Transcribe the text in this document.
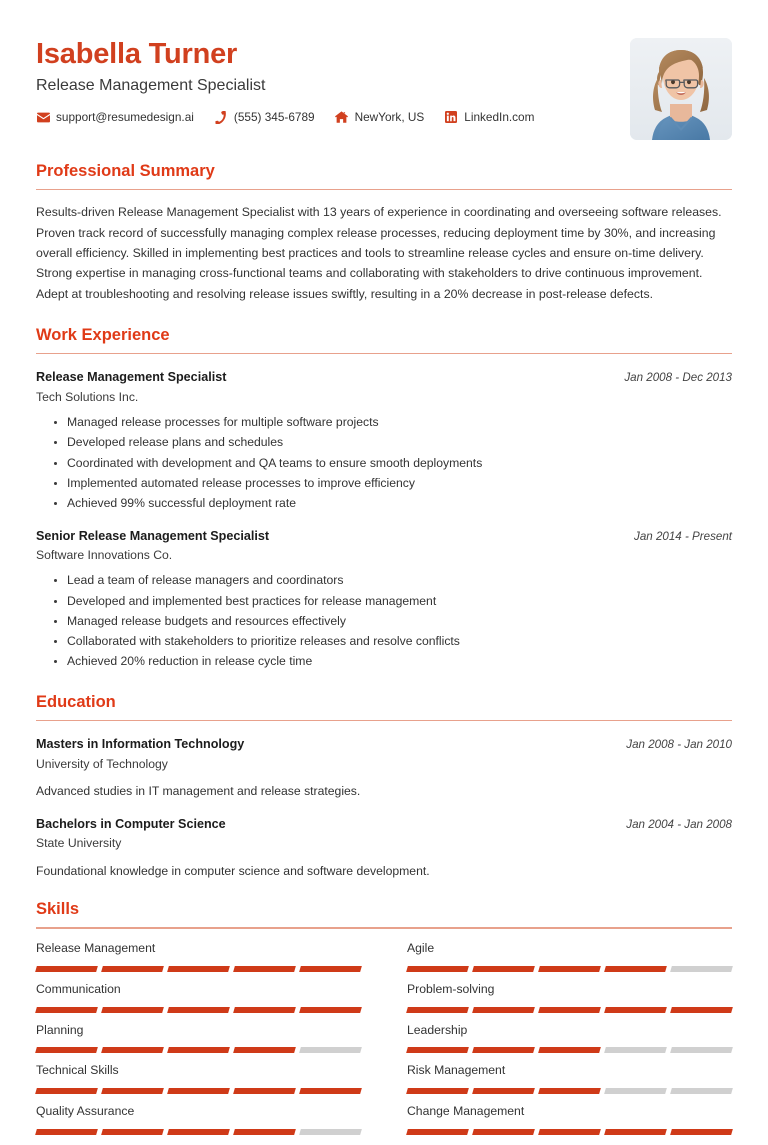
Isabella Turner
Release Management Specialist
support@resumedesign.ai	(555) 345-6789	NewYork, US	LinkedIn.com
Professional Summary

Results-driven Release Management Specialist with 13 years of experience in coordinating and overseeing software releases. Proven track record of successfully managing complex release processes, reducing deployment time by 30%, and increasing overall efficiency. Skilled in implementing best practices and tools to streamline release cycles and ensure on-time delivery. Strong expertise in managing cross-functional teams and collaborating with stakeholders to drive continuous improvement. Adept at troubleshooting and resolving release issues swiftly, resulting in a 20% decrease in post-release defects.

Work Experience
Release Management Specialist	Jan 2008 - Dec 2013
Tech Solutions Inc.
Managed release processes for multiple software projects
Developed release plans and schedules
Coordinated with development and QA teams to ensure smooth deployments
Implemented automated release processes to improve efficiency
Achieved 99% successful deployment rate
Senior Release Management Specialist	Jan 2014 - Present
Software Innovations Co.
Lead a team of release managers and coordinators
Developed and implemented best practices for release management
Managed release budgets and resources effectively
Collaborated with stakeholders to prioritize releases and resolve conflicts
Achieved 20% reduction in release cycle time
Education
Masters in Information Technology	Jan 2008 - Jan 2010
University of Technology
Advanced studies in IT management and release strategies.
Bachelors in Computer Science	Jan 2004 - Jan 2008
State University
Foundational knowledge in computer science and software development.
Skills
Release Management	Agile
Communication	Problem-solving
Planning	Leadership
Technical Skills	Risk Management
Quality Assurance	Change Management
